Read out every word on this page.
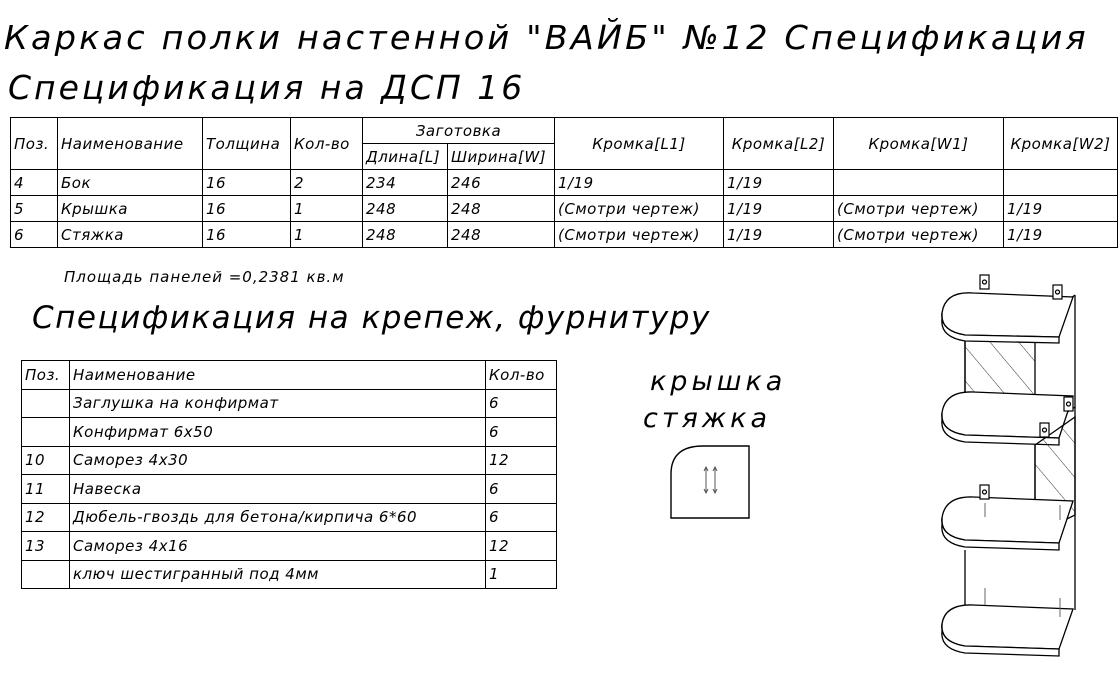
Каркас полки настенной "ВАЙБ" №12 Спецификация
Спецификация на ДСП 16
Поз.	Наименование	Толщина	Кол-во	Заготовка		Кромка[L1]	Кромка[L2]	Кромка[W1]	Кромка[W2]
				Длина[L]	Ширина[W]				
4	Бок	16	2	234	246	1/19	1/19		
5	Крышка	16	1	248	248	(Смотри чертеж)	1/19	(Смотри чертеж)	1/19
6	Стяжка	16	1	248	248	(Смотри чертеж)	1/19	(Смотри чертеж)	1/19
Площадь панелей =0,2381 кв.м
Спецификация на крепеж, фурнитуру
Поз.	Наименование	Кол-во
	Заглушка на конфирмат	6
	Конфирмат 6x50	6
10	Саморез 4x30	12
11	Навеска	6
12	Дюбель-гвоздь для бетона/кирпича 6*60	6
13	Саморез 4x16	12
	ключ шестигранный под 4мм	1
крышка
стяжка
